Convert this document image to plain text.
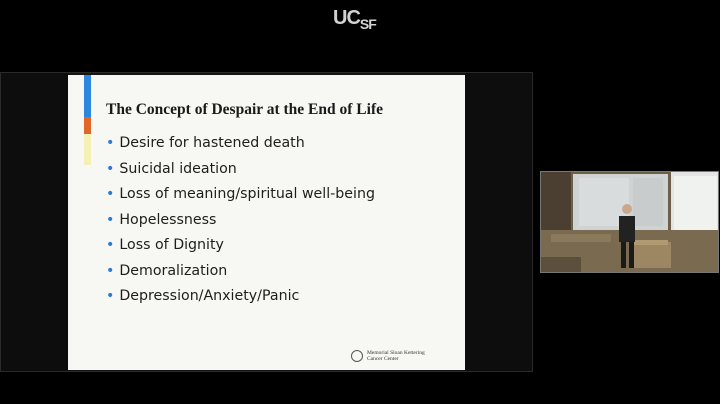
$UC_{SF}$
The Concept of Despair at the End of Life
• Desire for hastened death
• Suicidal ideation
• Loss of meaning/spiritual well-being
• Hopelessness
• Loss of Dignity
• Demoralization
• Depression/Anxiety/Panic
Memorial Sloan Kettering
Cancer Center
